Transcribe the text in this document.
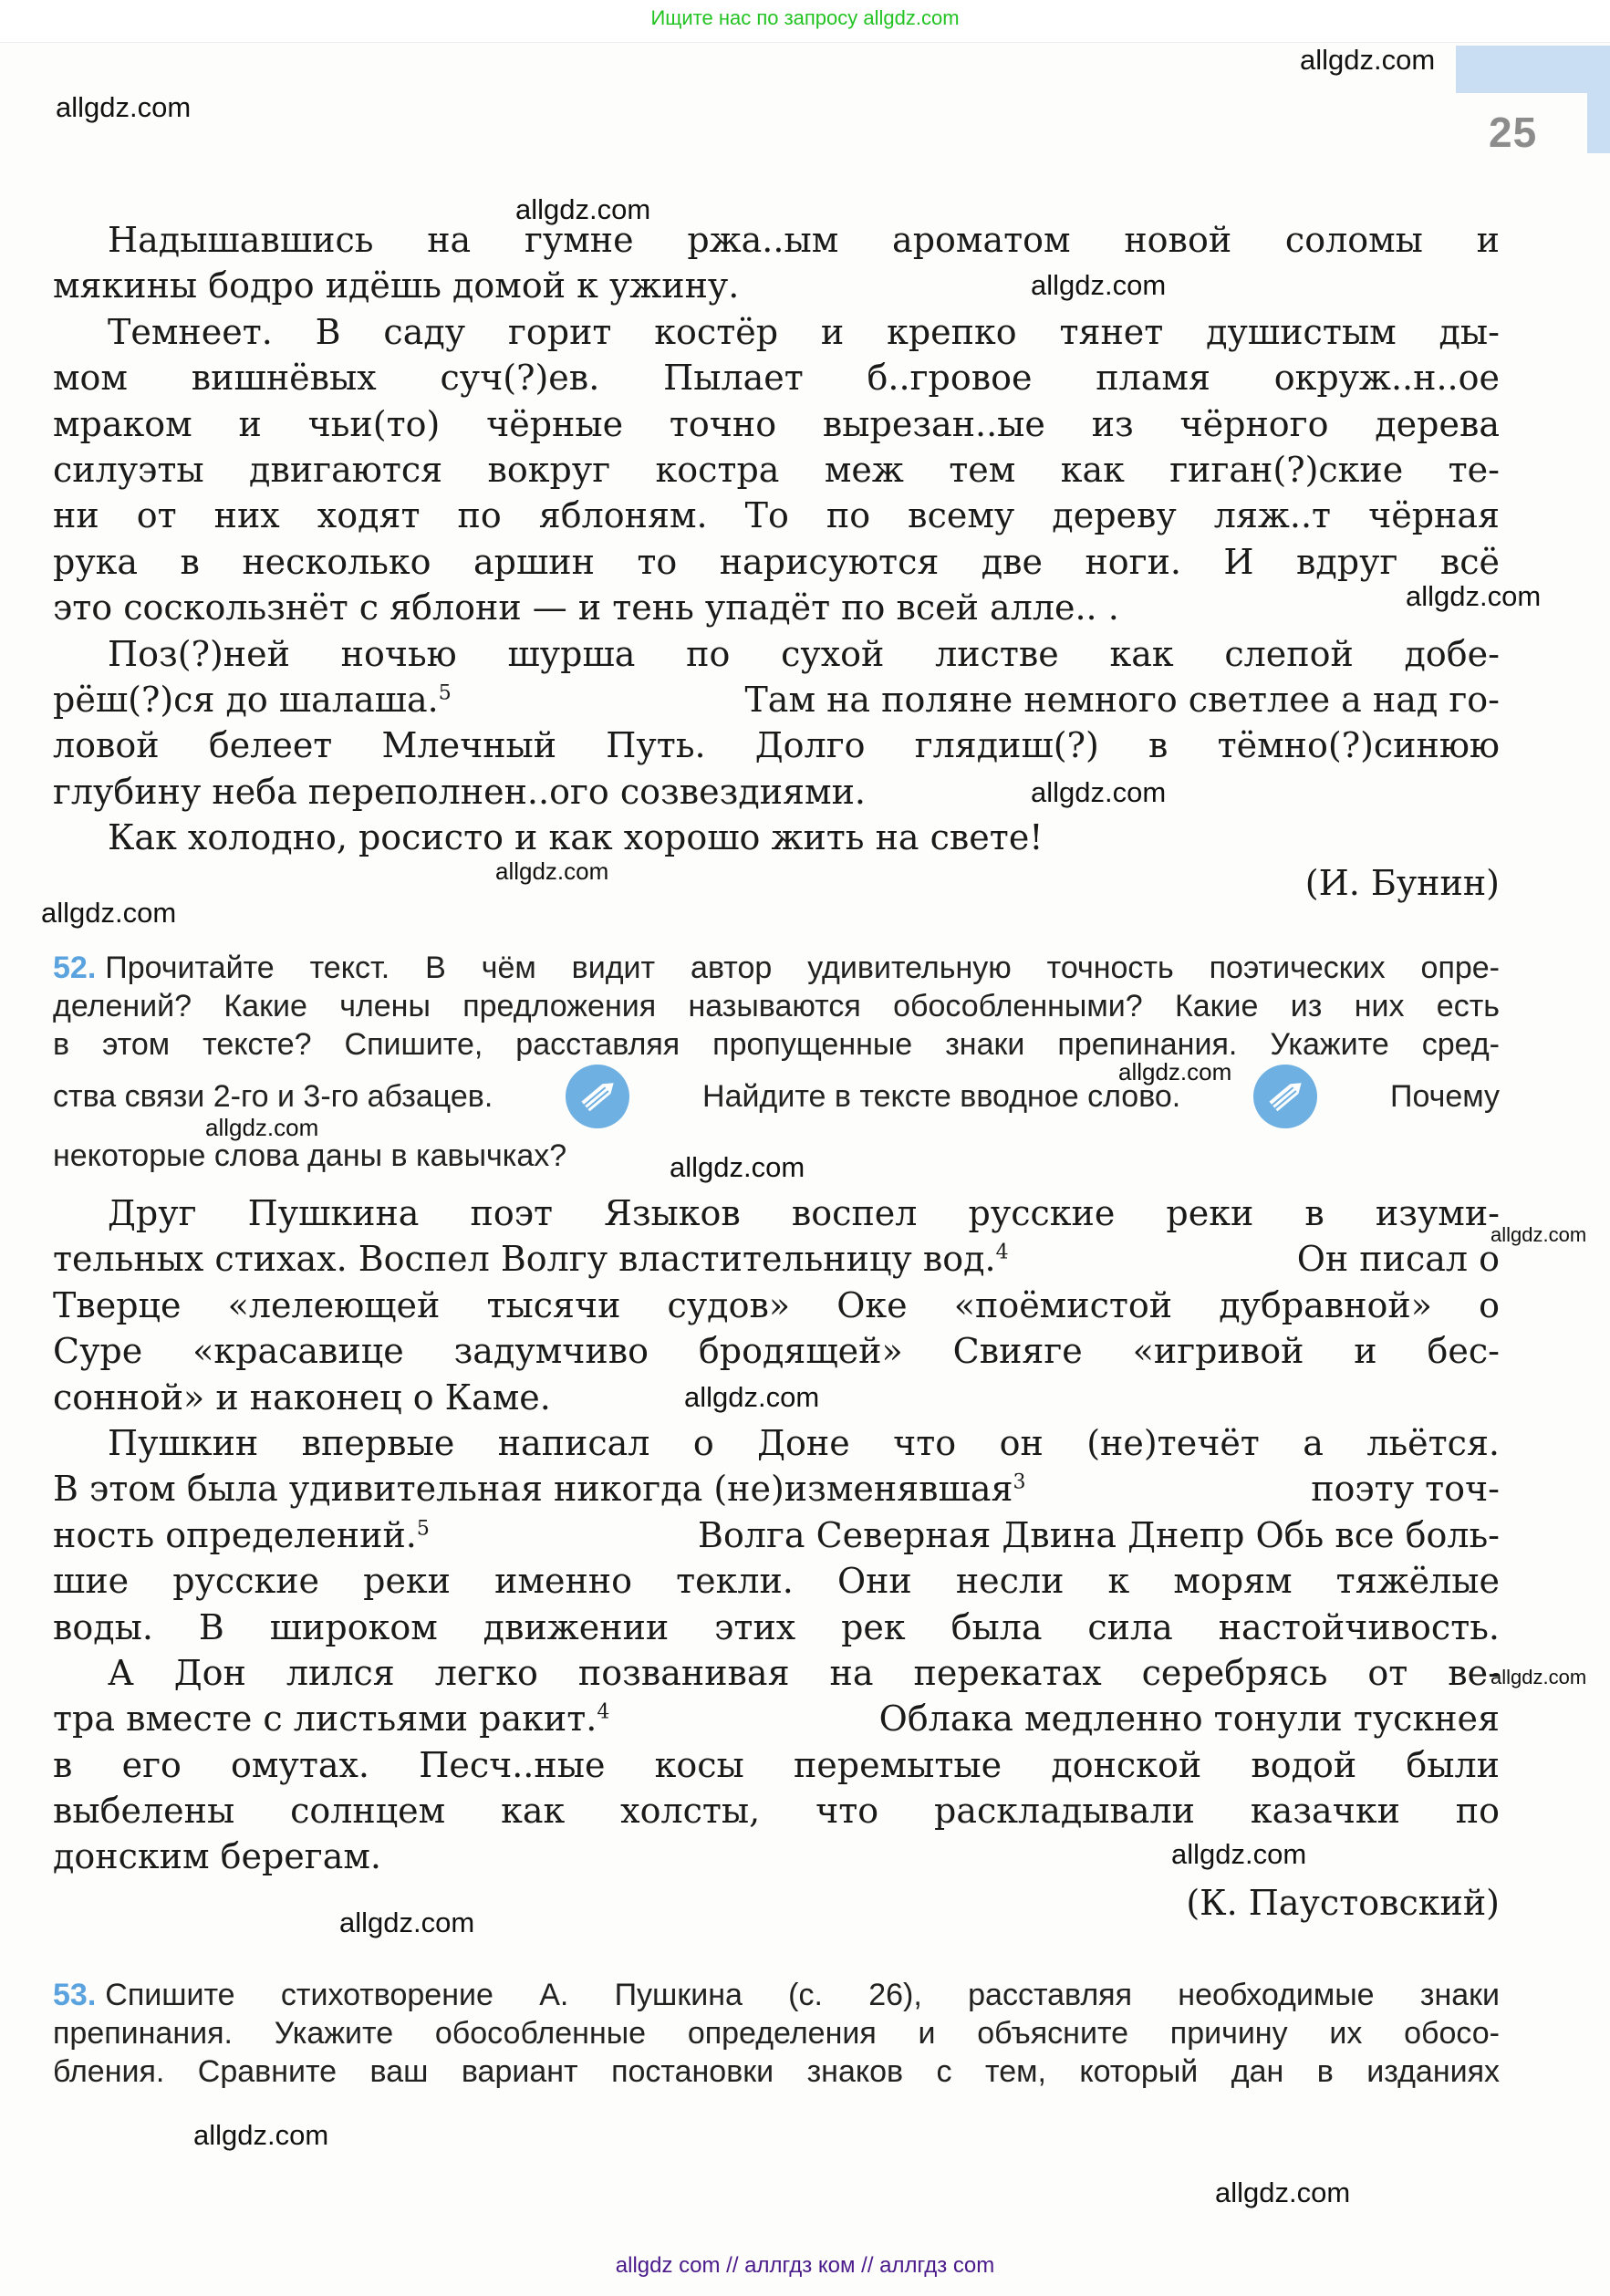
Ищите нас по запросу allgdz.com
25
Надышавшись на гумне ржа..ым ароматом новой соломы и
мякины бодро идёшь домой к ужину.
Темнеет. В саду горит костёр и крепко тянет душистым ды-
мом вишнёвых суч(?)ев. Пылает б..гровое пламя окруж..н..ое
мраком и чьи(то) чёрные точно вырезан..ые из чёрного дерева
силуэты двигаются вокруг костра меж тем как гиган(?)ские те-
ни от них ходят по яблоням. То по всему дереву ляж..т чёрная
рука в несколько аршин то нарисуются две ноги. И вдруг всё
это соскользнёт с яблони — и тень упадёт по всей алле.. .
Поз(?)ней ночью шурша по сухой листве как слепой добе-
рёш(?)ся до шалаша.$^5$	Там на поляне немного светлее а над го-
ловой белеет Млечный Путь. Долго глядиш(?) в тёмно(?)синюю
глубину неба переполнен..ого созвездиями.
Как холодно, росисто и как хорошо жить на свете!
(И. Бунин)
52. Прочитайте текст. В чём видит автор удивительную точность поэтических опре-
делений? Какие члены предложения называются обособленными? Какие из них есть
в этом тексте? Спишите, расставляя пропущенные знаки препинания. Укажите сред-
ства связи 2-го и 3-го абзацев.	Найдите в тексте вводное слово.	Почему
некоторые слова даны в кавычках?
Друг Пушкина поэт Языков воспел русские реки в изуми-
тельных стихах. Воспел Волгу властительницу вод.$^4$	Он писал о
Тверце «лелеющей тысячи судов» Оке «поёмистой дубравной» о
Суре «красавице задумчиво бродящей» Свияге «игривой и бес-
сонной» и наконец о Каме.
Пушкин впервые написал о Доне что он (не)течёт а льётся.
В этом была удивительная никогда (не)изменявшая$^3$	поэту точ-
ность определений.$^5$	Волга Северная Двина Днепр Обь все боль-
шие русские реки именно текли. Они несли к морям тяжёлые
воды. В широком движении этих рек была сила настойчивость.
А Дон лился легко позванивая на перекатах серебрясь от ве-
тра вместе с листьями ракит.$^4$	Облака медленно тонули тускнея
в его омутах. Песч..ные косы перемытые донской водой были
выбелены солнцем как холсты, что раскладывали казачки по
донским берегам.
(К. Паустовский)
53. Спишите стихотворение А. Пушкина (с. 26), расставляя необходимые знаки
препинания. Укажите обособленные определения и объясните причину их обосо-
бления. Сравните ваш вариант постановки знаков с тем, который дан в изданиях
allgdz.com
allgdz.com
allgdz.com
allgdz.com
allgdz.com
allgdz.com
allgdz.com
allgdz.com
allgdz.com
allgdz.com
allgdz.com
allgdz.com
allgdz.com
allgdz.com
allgdz.com
allgdz.com
allgdz.com
allgdz.com
allgdz com // аллгдз ком // аллгдз com
